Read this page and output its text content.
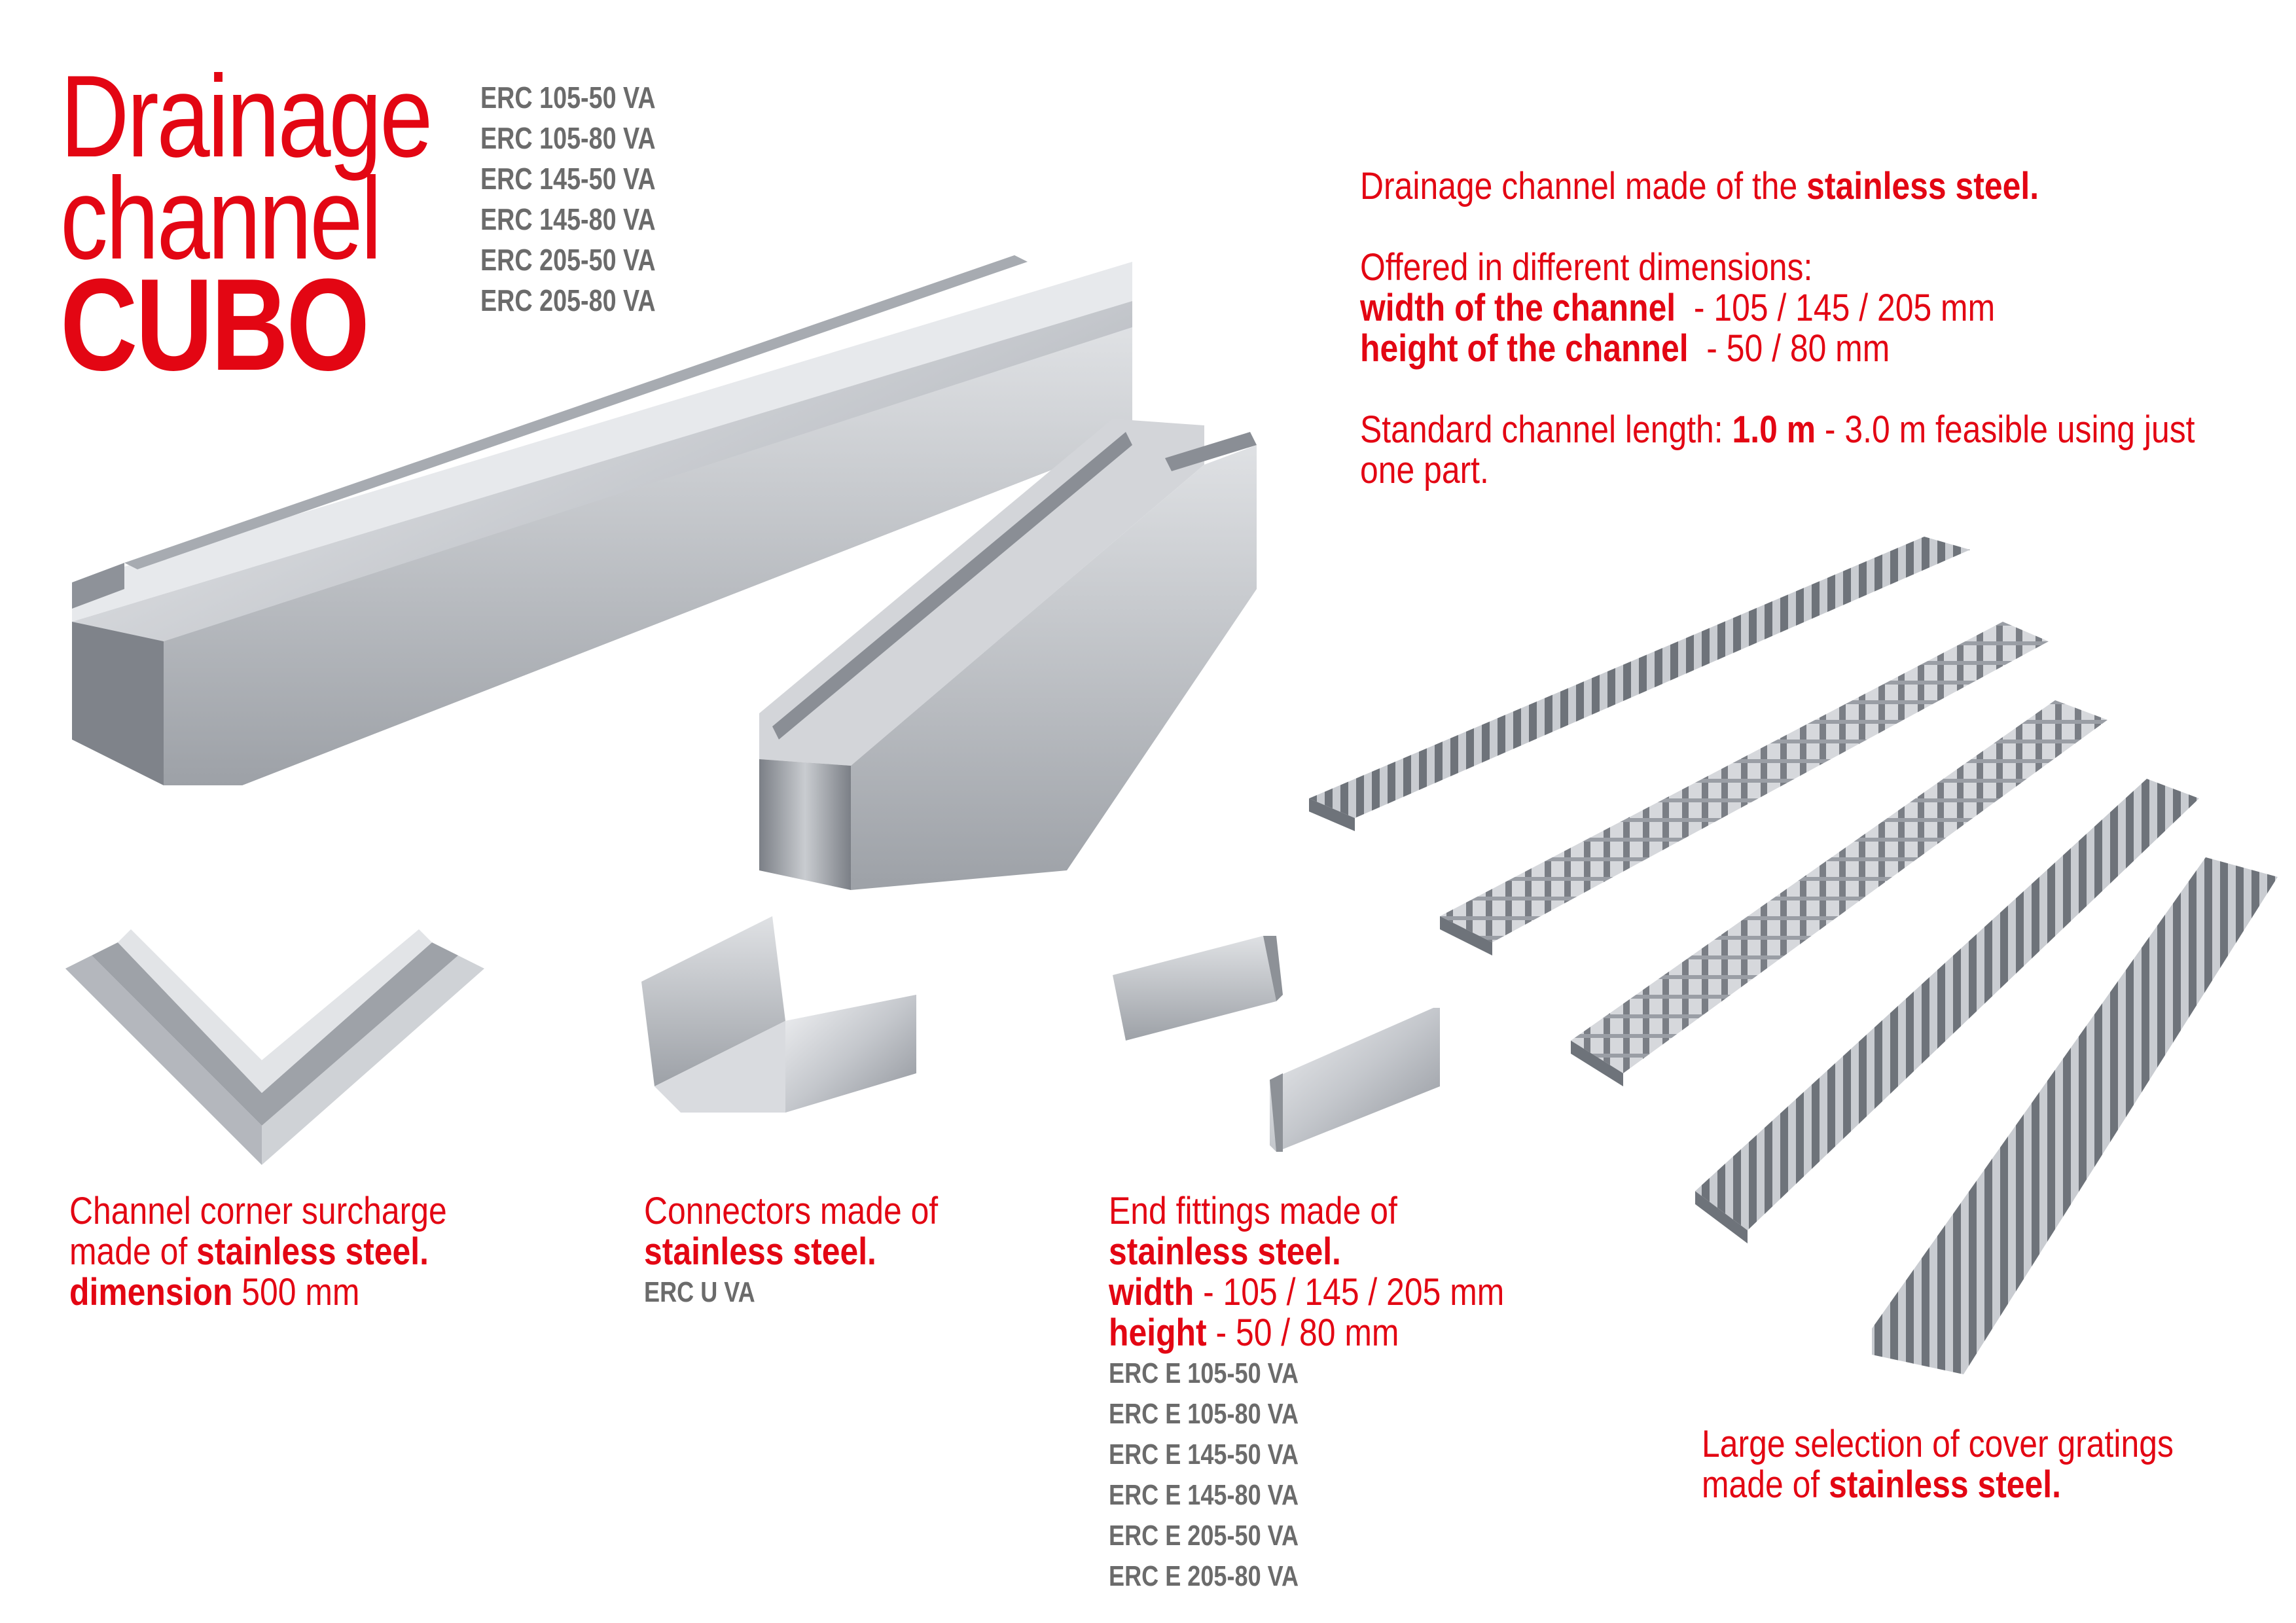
Drainage
channel
CUBO
ERC 105-50 VA
ERC 105-80 VA
ERC 145-50 VA
ERC 145-80 VA
ERC 205-50 VA
ERC 205-80 VA
Drainage channel made of the stainless steel.
Offered in different dimensions:
width of the channel  - 105 / 145 / 205 mm
height of the channel  - 50 / 80 mm
Standard channel length: 1.0 m - 3.0 m feasible using just
one part.
Channel corner surcharge
made of stainless steel.
dimension 500 mm
Connectors made of
stainless steel.
ERC U VA
End fittings made of
stainless steel.
width - 105 / 145 / 205 mm
height - 50 / 80 mm
ERC E 105-50 VA
ERC E 105-80 VA
ERC E 145-50 VA
ERC E 145-80 VA
ERC E 205-50 VA
ERC E 205-80 VA
Large selection of cover gratings
made of stainless steel.
